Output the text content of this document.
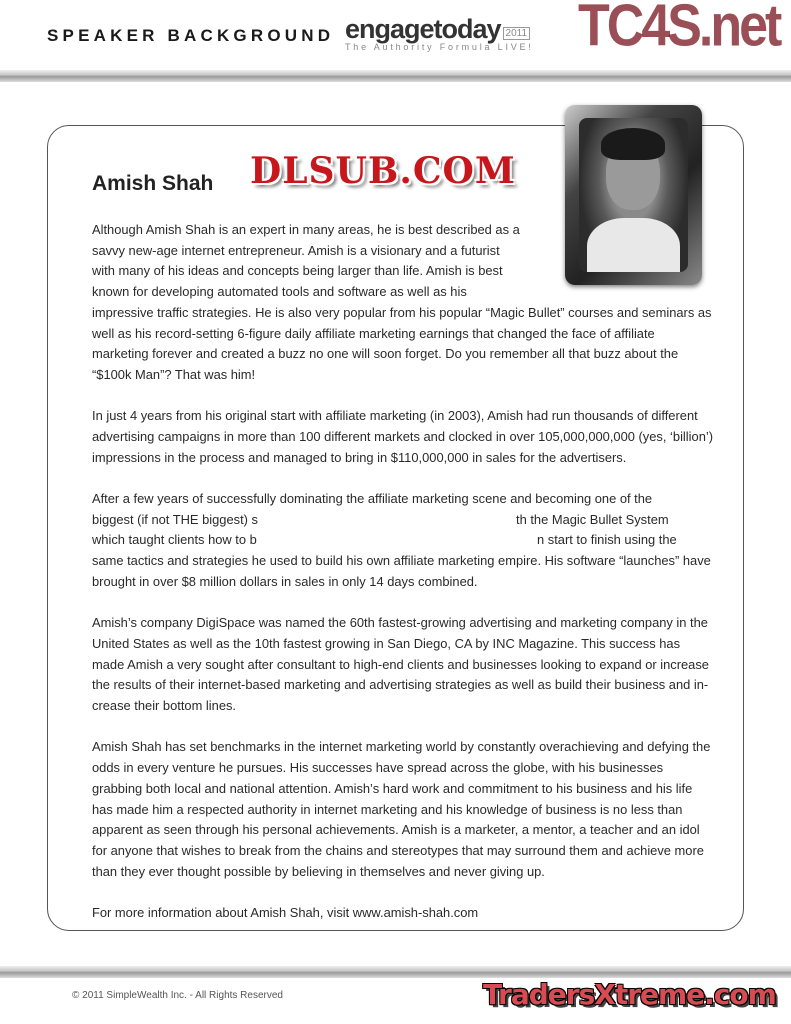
SPEAKER BACKGROUND engagetoday 2011
The Authority Formula LIVE! TC4S.net
Amish Shah DLSUB.COM

Although Amish Shah is an expert in many areas, he is best described as a savvy new-age internet entrepreneur. Amish is a visionary and a futurist with many of his ideas and concepts being larger than life. Amish is best known for developing automated tools and software as well as his impressive traffic strategies. He is also very popular from his popular “Magic Bullet” courses and seminars as well as his record-setting 6-figure daily affiliate marketing earnings that changed the face of affiliate marketing forever and created a buzz no one will soon forget. Do you remember all that buzz about the “$100k Man”? That was him!

In just 4 years from his original start with affiliate marketing (in 2003), Amish had run thousands of different advertising campaigns in more than 100 different markets and clocked in over 105,000,000,000 (yes, ‘billion’) impressions in the process and managed to bring in $110,000,000 in sales for the advertisers.

After a few years of successfully dominating the affiliate marketing scene and becoming one of the
biggest (if not THE biggest) s	th the Magic Bullet System
which taught clients how to b	n start to finish using the
same tactics and strategies he used to build his own affiliate marketing empire. His software “launches” have
brought in over $8 million dollars in sales in only 14 days combined.

Amish’s company DigiSpace was named the 60th fastest-growing advertising and marketing company in the United States as well as the 10th fastest growing in San Diego, CA by INC Magazine. This success has made Amish a very sought after consultant to high-end clients and businesses looking to expand or increase the results of their internet-based marketing and advertising strategies as well as build their business and in-crease their bottom lines.

Amish Shah has set benchmarks in the internet marketing world by constantly overachieving and defying the odds in every venture he pursues. His successes have spread across the globe, with his businesses grabbing both local and national attention. Amish’s hard work and commitment to his business and his life has made him a respected authority in internet marketing and his knowledge of business is no less than apparent as seen through his personal achievements. Amish is a marketer, a mentor, a teacher and an idol for anyone that wishes to break from the chains and stereotypes that may surround them and achieve more than they ever thought possible by believing in themselves and never giving up.

For more information about Amish Shah, visit www.amish-shah.com

© 2011 SimpleWealth Inc. - All Rights Reserved	TradersXtreme.com
